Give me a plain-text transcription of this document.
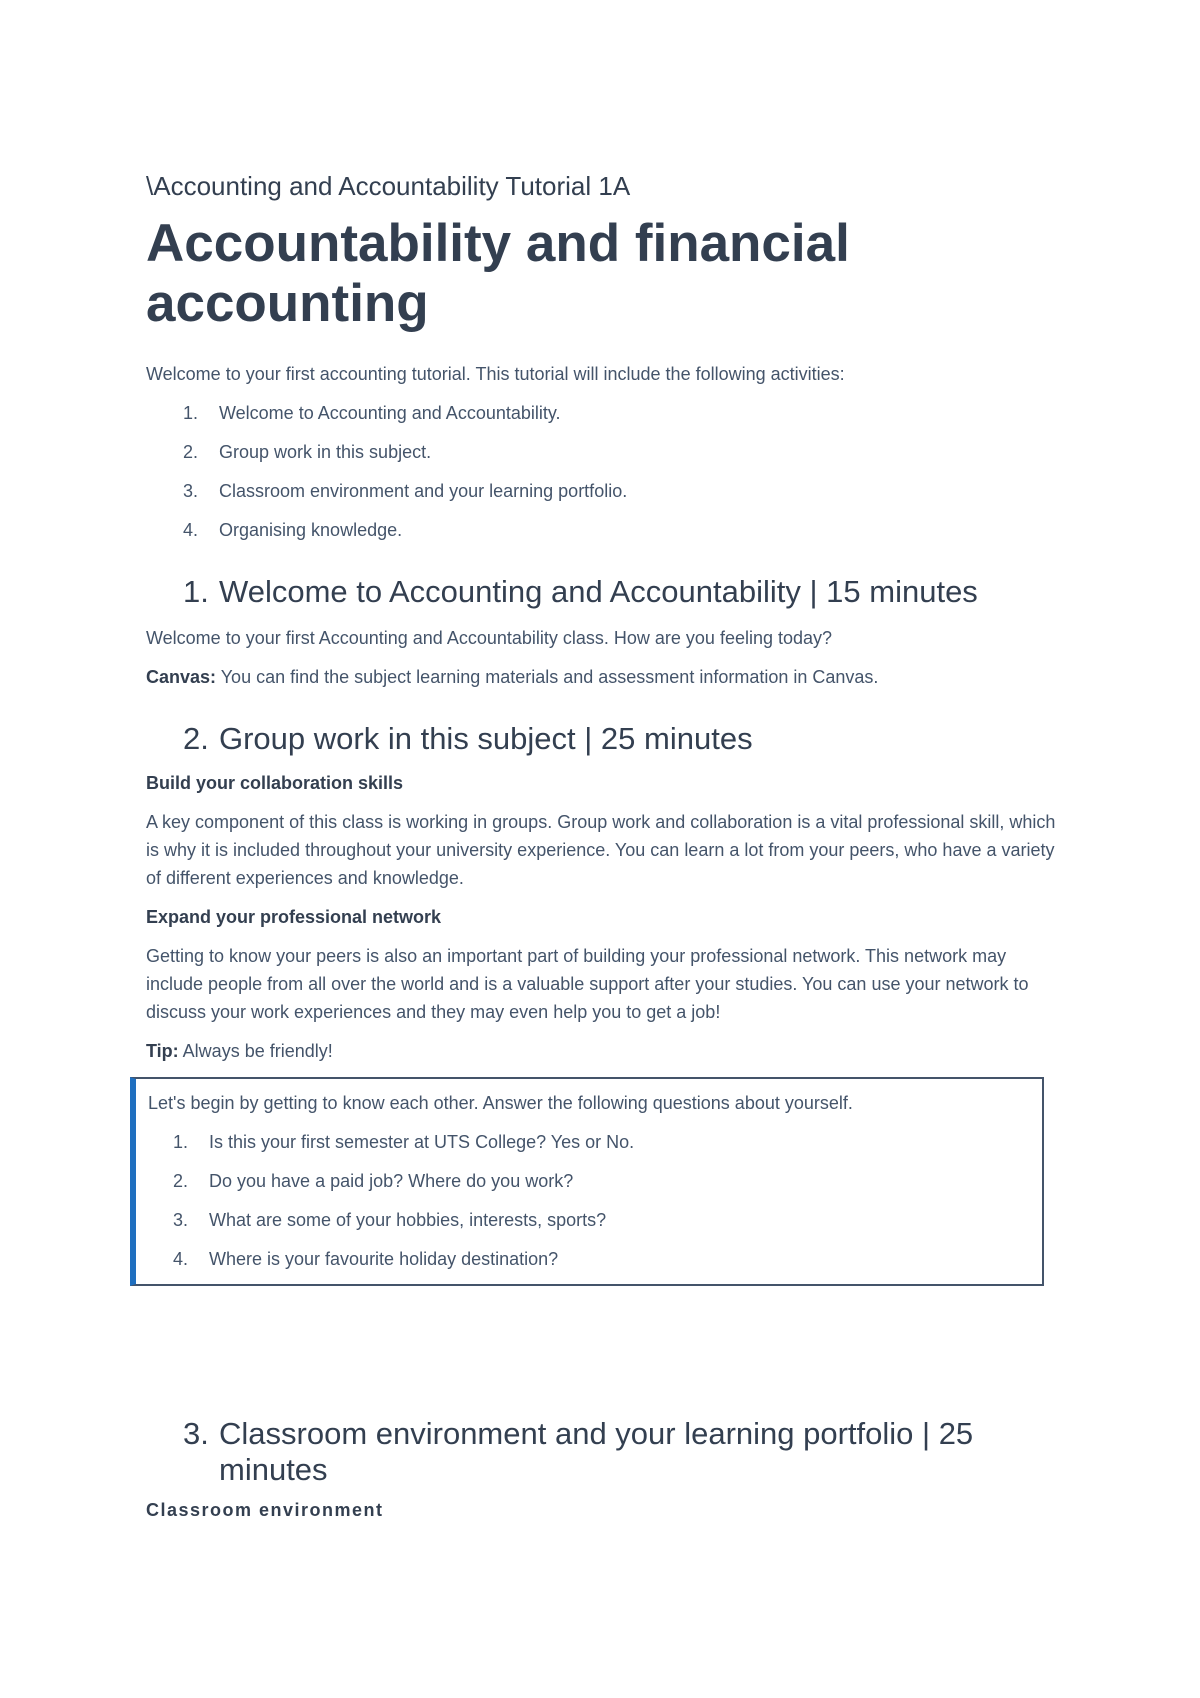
\Accounting and Accountability Tutorial 1A
Accountability and financial accounting

Welcome to your first accounting tutorial. This tutorial will include the following activities:

1.	Welcome to Accounting and Accountability.
2.	Group work in this subject.
3.	Classroom environment and your learning portfolio.
4.	Organising knowledge.
1. Welcome to Accounting and Accountability | 15 minutes

Welcome to your first Accounting and Accountability class. How are you feeling today?

Canvas: You can find the subject learning materials and assessment information in Canvas.

2. Group work in this subject | 25 minutes
Build your collaboration skills

A key component of this class is working in groups. Group work and collaboration is a vital professional skill, which is why it is included throughout your university experience. You can learn a lot from your peers, who have a variety of different experiences and knowledge.

Expand your professional network

Getting to know your peers is also an important part of building your professional network. This network may include people from all over the world and is a valuable support after your studies. You can use your network to discuss your work experiences and they may even help you to get a job!

Tip: Always be friendly!

Let's begin by getting to know each other. Answer the following questions about yourself.

1.	Is this your first semester at UTS College? Yes or No.
2.	Do you have a paid job? Where do you work?
3.	What are some of your hobbies, interests, sports?
4.	Where is your favourite holiday destination?
3. Classroom environment and your learning portfolio | 25 minutes
Classroom environment
